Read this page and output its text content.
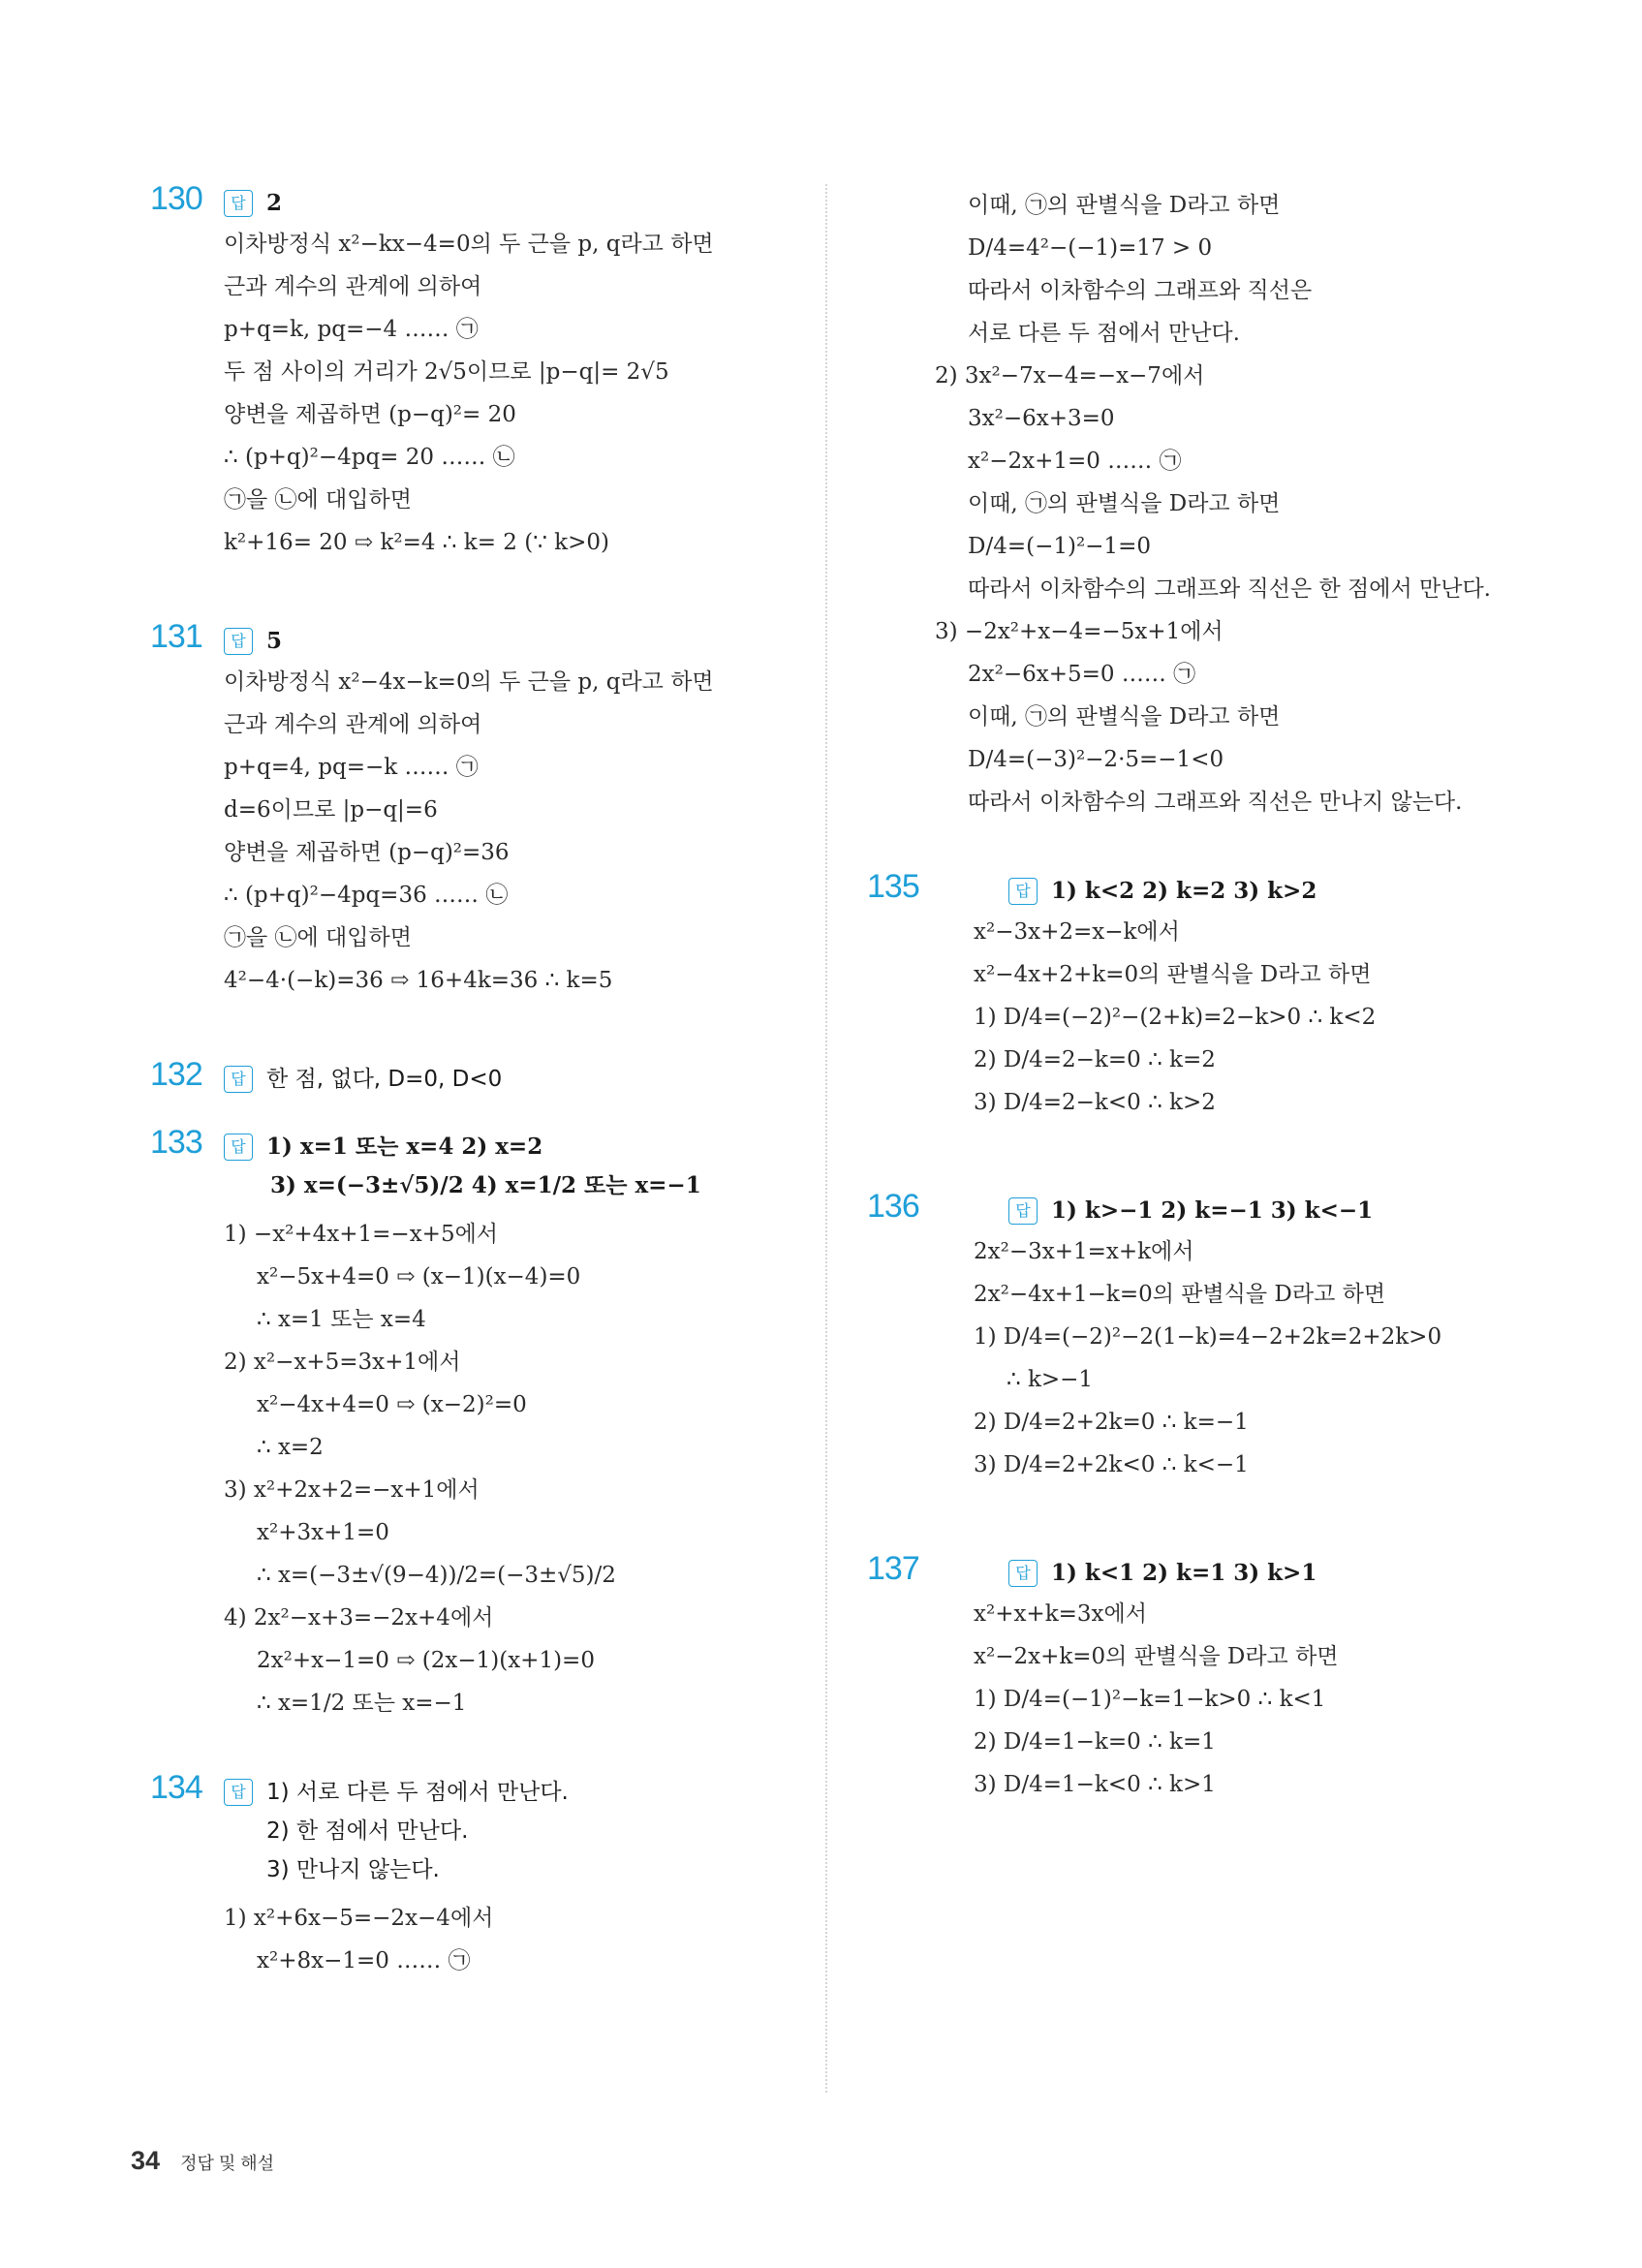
130	답 2
이차방정식 x²−kx−4=0의 두 근을 p, q라고 하면
근과 계수의 관계에 의하여
p+q=k, pq=−4 …… ㉠
두 점 사이의 거리가 2√5이므로 |p−q|= 2√5
양변을 제곱하면 (p−q)²= 20
∴ (p+q)²−4pq= 20 …… ㉡
㉠을 ㉡에 대입하면
k²+16= 20 ⇨ k²=4 ∴ k= 2 (∵ k>0)
131	답 5
이차방정식 x²−4x−k=0의 두 근을 p, q라고 하면
근과 계수의 관계에 의하여
p+q=4, pq=−k …… ㉠
d=6이므로 |p−q|=6
양변을 제곱하면 (p−q)²=36
∴ (p+q)²−4pq=36 …… ㉡
㉠을 ㉡에 대입하면
4²−4·(−k)=36 ⇨ 16+4k=36 ∴ k=5
132	답 한 점, 없다, D=0, D<0
133	답 1) x=1 또는 x=4 2) x=2
3) x=(−3±√5)/2 4) x=1/2 또는 x=−1
1) −x²+4x+1=−x+5에서
x²−5x+4=0 ⇨ (x−1)(x−4)=0
∴ x=1 또는 x=4
2) x²−x+5=3x+1에서
x²−4x+4=0 ⇨ (x−2)²=0
∴ x=2
3) x²+2x+2=−x+1에서
x²+3x+1=0
∴ x=(−3±√(9−4))/2=(−3±√5)/2
4) 2x²−x+3=−2x+4에서
2x²+x−1=0 ⇨ (2x−1)(x+1)=0
∴ x=1/2 또는 x=−1
134	답 1) 서로 다른 두 점에서 만난다.
2) 한 점에서 만난다.
3) 만나지 않는다.
1) x²+6x−5=−2x−4에서
x²+8x−1=0 …… ㉠
이때, ㉠의 판별식을 D라고 하면
D/4=4²−(−1)=17 > 0
따라서 이차함수의 그래프와 직선은
서로 다른 두 점에서 만난다.
2) 3x²−7x−4=−x−7에서
3x²−6x+3=0
x²−2x+1=0 …… ㉠
이때, ㉠의 판별식을 D라고 하면
D/4=(−1)²−1=0
따라서 이차함수의 그래프와 직선은 한 점에서 만난다.
3) −2x²+x−4=−5x+1에서
2x²−6x+5=0 …… ㉠
이때, ㉠의 판별식을 D라고 하면
D/4=(−3)²−2·5=−1<0
따라서 이차함수의 그래프와 직선은 만나지 않는다.
135	답 1) k<2 2) k=2 3) k>2
x²−3x+2=x−k에서
x²−4x+2+k=0의 판별식을 D라고 하면
1) D/4=(−2)²−(2+k)=2−k>0 ∴ k<2
2) D/4=2−k=0 ∴ k=2
3) D/4=2−k<0 ∴ k>2
136	답 1) k>−1 2) k=−1 3) k<−1
2x²−3x+1=x+k에서
2x²−4x+1−k=0의 판별식을 D라고 하면
1) D/4=(−2)²−2(1−k)=4−2+2k=2+2k>0
∴ k>−1
2) D/4=2+2k=0 ∴ k=−1
3) D/4=2+2k<0 ∴ k<−1
137	답 1) k<1 2) k=1 3) k>1
x²+x+k=3x에서
x²−2x+k=0의 판별식을 D라고 하면
1) D/4=(−1)²−k=1−k>0 ∴ k<1
2) D/4=1−k=0 ∴ k=1
3) D/4=1−k<0 ∴ k>1
34 정답 및 해설
